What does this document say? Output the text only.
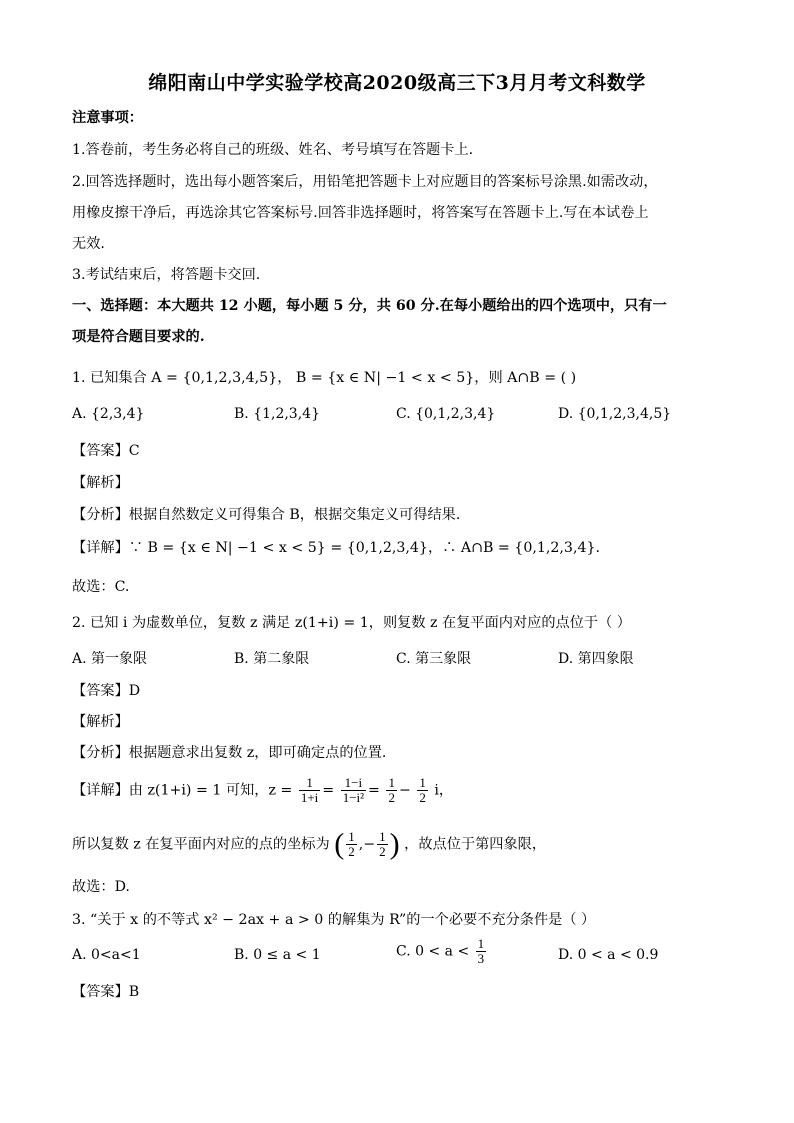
绵阳南山中学实验学校高2020级高三下3月月考文科数学
注意事项：
1.答卷前，考生务必将自己的班级、姓名、考号填写在答题卡上.
2.回答选择题时，选出每小题答案后，用铅笔把答题卡上对应题目的答案标号涂黑.如需改动，
用橡皮擦干净后，再选涂其它答案标号.回答非选择题时，将答案写在答题卡上.写在本试卷上
无效.
3.考试结束后，将答题卡交回.
一、选择题：本大题共 12 小题，每小题 5 分，共 60 分.在每小题给出的四个选项中，只有一
项是符合题目要求的.
1. 已知集合 A = {0,1,2,3,4,5}， B = {x ∈ N| −1 < x < 5}，则 A∩B = ( )
A. {2,3,4}	B. {1,2,3,4}	C. {0,1,2,3,4}	D. {0,1,2,3,4,5}
【答案】C
【解析】
【分析】根据自然数定义可得集合 B，根据交集定义可得结果.
【详解】∵ B = {x ∈ N| −1 < x < 5} = {0,1,2,3,4}，∴ A∩B = {0,1,2,3,4}.
故选：C.
2. 已知 i 为虚数单位，复数 z 满足 z(1+i) = 1，则复数 z 在复平面内对应的点位于（ ）
A. 第一象限	B. 第二象限	C. 第三象限	D. 第四象限
【答案】D
【解析】
【分析】根据题意求出复数 z，即可确定点的位置.
【详解】由 z(1+i) = 1 可知，$z = \frac{1}{1+i} = \frac{1-i}{\text{1−i²}} = \frac{1}{2} - \frac{1}{2}$ i，
所以复数 z 在复平面内对应的点的坐标为 ( $\frac{1}{2}$ ,− $\frac{1}{2}$ ) ，故点位于第四象限，
故选：D.
3. “关于 x 的不等式 x² − 2ax + a > 0 的解集为 R”的一个必要不充分条件是（ ）
A. 0<a<1	B. 0 ≤ a < 1	C. $0 < a < \frac{1}{3}$	D. 0 < a < 0.9
【答案】B
